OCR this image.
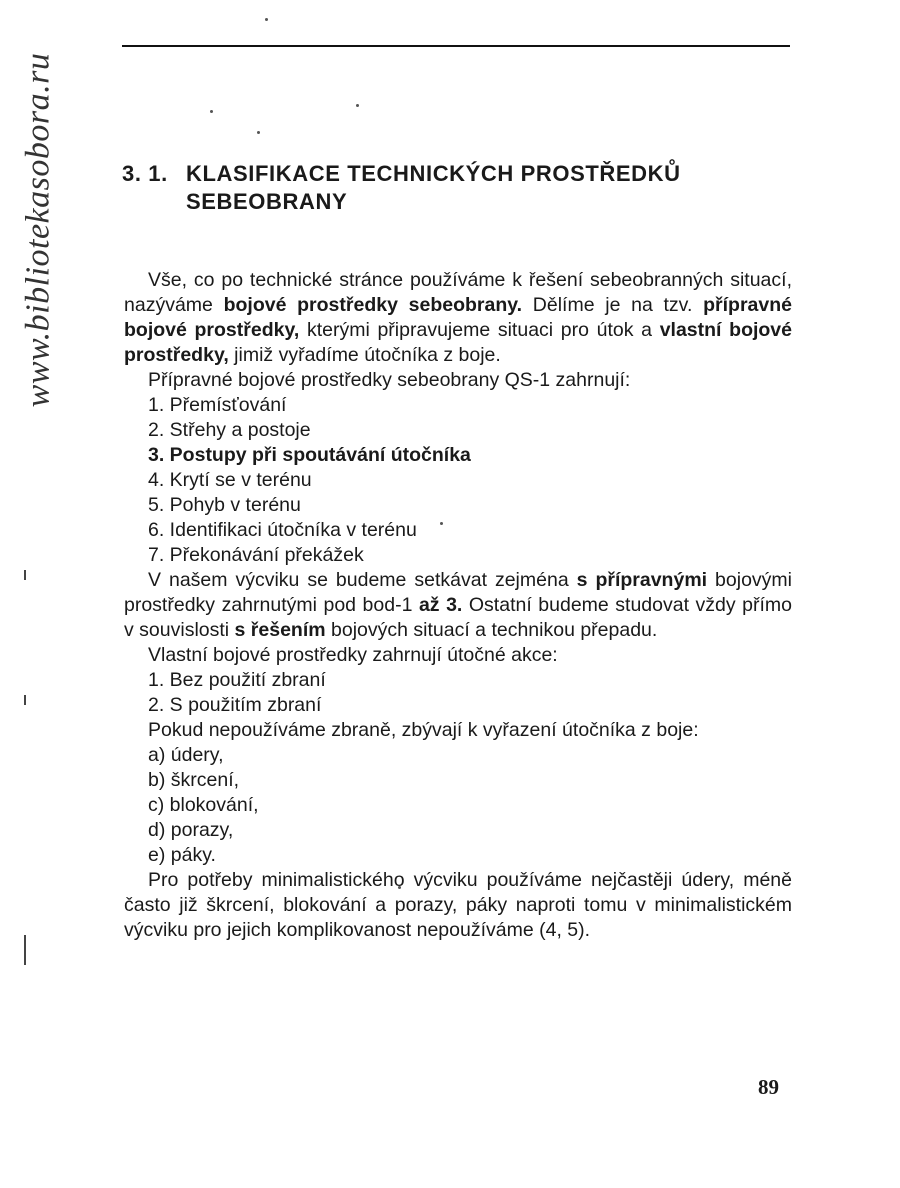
www.bibliotekasobora.ru	3. 1. KLASIFIKACE TECHNICKÝCH PROSTŘEDKŮ
SEBEOBRANY

Vše, co po technické stránce používáme k řešení sebeobranných situací, nazýváme bojové prostředky sebeobrany. Dělíme je na tzv. přípravné bojové prostředky, kterými připravujeme situaci pro útok a vlastní bojové prostředky, jimiž vyřadíme útočníka z boje.

Přípravné bojové prostředky sebeobrany QS-1 zahrnují:

1. Přemísťování
2. Střehy a postoje
3. Postupy při spoutávání útočníka
4. Krytí se v terénu
5. Pohyb v terénu
6. Identifikaci útočníka v terénu
7. Překonávání překážek

V našem výcviku se budeme setkávat zejména s přípravnými bojovými prostředky zahrnutými pod bod-1 až 3. Ostatní budeme studovat vždy přímo v souvislosti s řešením bojových situací a technikou přepadu.

Vlastní bojové prostředky zahrnují útočné akce:

1. Bez použití zbraní
2. S použitím zbraní

Pokud nepoužíváme zbraně, zbývají k vyřazení útočníka z boje:

a) údery,
b) škrcení,
c) blokování,
d) porazy,
e) páky.

Pro potřeby minimalistického výcviku používáme nejčastěji údery, méně často již škrcení, blokování a porazy, páky naproti tomu v minimalistickém výcviku pro jejich komplikovanost nepoužíváme (4, 5).

89
